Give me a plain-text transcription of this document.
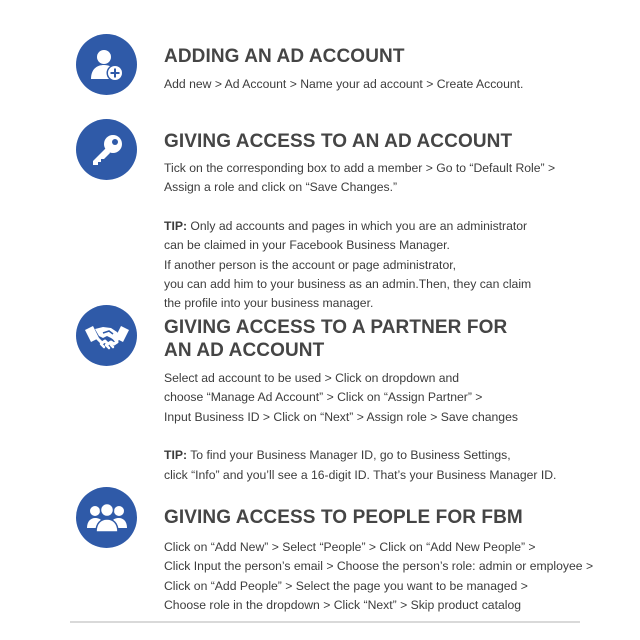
ADDING AN AD ACCOUNT
Add new > Ad Account > Name your ad account > Create Account.
GIVING ACCESS TO AN AD ACCOUNT
Tick on the corresponding box to add a member > Go to “Default Role” >
Assign a role and click on “Save Changes.”
TIP: Only ad accounts and pages in which you are an administrator
can be claimed in your Facebook Business Manager.
If another person is the account or page administrator,
you can add him to your business as an admin.Then, they can claim
the profile into your business manager.
GIVING ACCESS TO A PARTNER FOR
AN AD ACCOUNT
Select ad account to be used > Click on dropdown and
choose “Manage Ad Account” > Click on “Assign Partner” >
Input Business ID > Click on “Next” > Assign role > Save changes
TIP: To find your Business Manager ID, go to Business Settings,
click “Info” and you’ll see a 16-digit ID. That’s your Business Manager ID.
GIVING ACCESS TO PEOPLE FOR FBM
Click on “Add New” > Select “People” > Click on “Add New People” >
Click Input the person’s email > Choose the person’s role: admin or employee >
Click on “Add People” > Select the page you want to be managed >
Choose role in the dropdown > Click “Next” > Skip product catalog
